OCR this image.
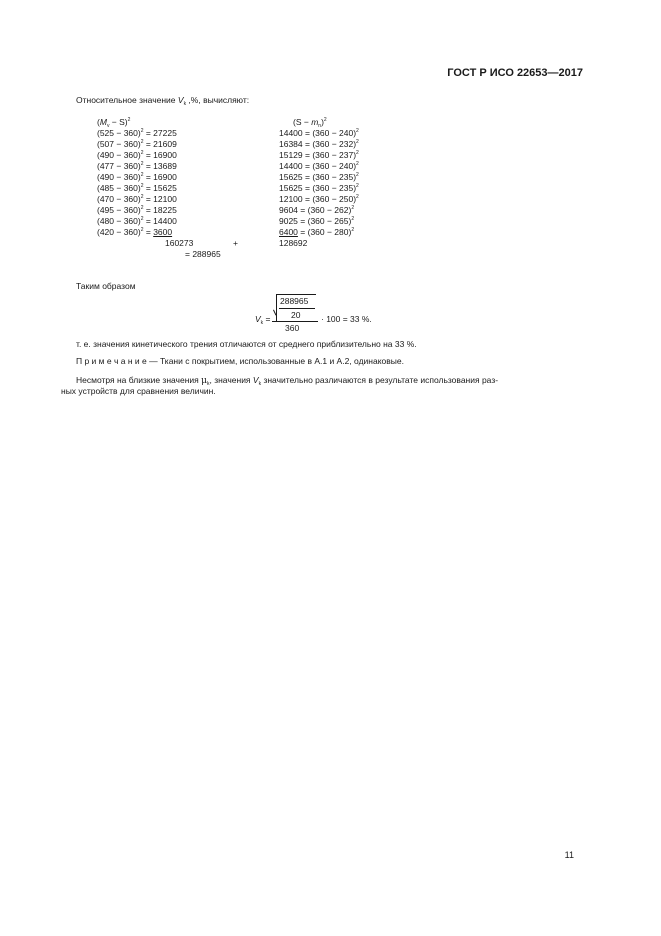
ГОСТ Р ИСО 22653—2017
Относительное значение $V_k$ ,%, вычисляют:
$(M_v - S)^2$
$(525 - 360)^2 = 27225$
$(507 - 360)^2 = 21609$
$(490 - 360)^2 = 16900$
$(477 - 360)^2 = 13689$
$(490 - 360)^2 = 16900$
$(485 - 360)^2 = 15625$
$(470 - 360)^2 = 12100$
$(495 - 360)^2 = 18225$
$(480 - 360)^2 = 14400$
$(420 - 360)^2 = 3600$
160273	+
= 288965
$(S - m_n)^2$
$14400 = (360 - 240)^2$
$16384 = (360 - 232)^2$
$15129 = (360 - 237)^2$
$14400 = (360 - 240)^2$
$15625 = (360 - 235)^2$
$15625 = (360 - 235)^2$
$12100 = (360 - 250)^2$
$9604 = (360 - 262)^2$
$9025 = (360 - 265)^2$
$6400 = (360 - 280)^2$
128692
Таким образом
$V_k$ =
288965
20
360
· 100 = 33 %.
т. е. значения кинетического трения отличаются от среднего приблизительно на 33 %.
П р и м е ч а н и е — Ткани с покрытием, использованные в А.1 и А.2, одинаковые.
Несмотря на близкие значения $\mu_k$, значения $V_k$ значительно различаются в результате использования раз-
ных устройств для сравнения величин.
11
